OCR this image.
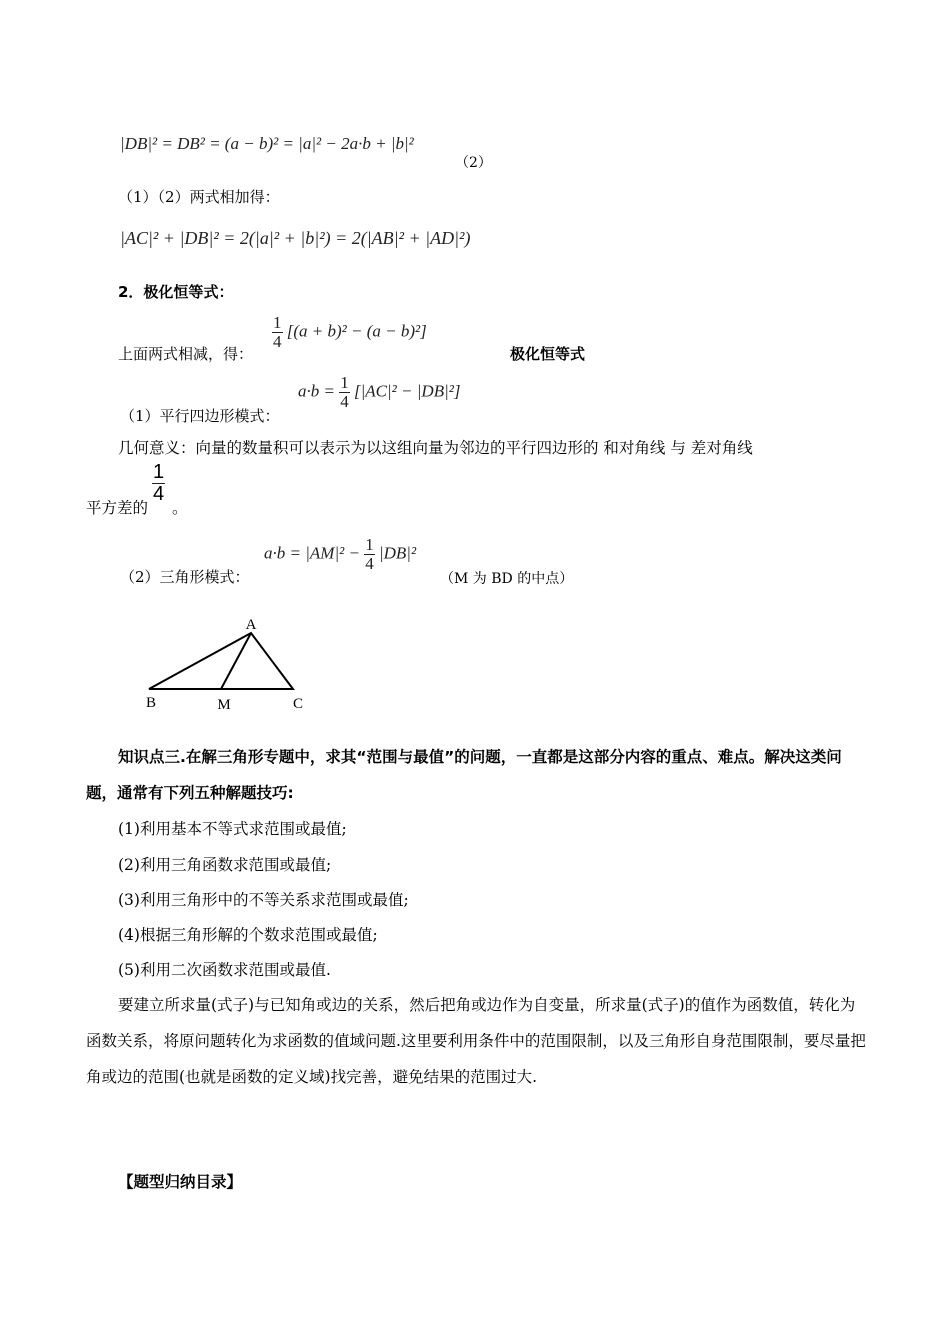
|DB|² = DB² = (a − b)² = |a|² − 2a·b + |b|²
（2）
（1）（2）两式相加得：
|AC|² + |DB|² = 2(|a|² + |b|²) = 2(|AB|² + |AD|²)
2．极化恒等式：
上面两式相减，得：
$\frac{1}{4} [(a + b)^2 - (a - b)^2]$
极化恒等式
$a\cdot b = \frac{1}{4} [|AC|^2 - |DB|^2]$
（1）平行四边形模式：
几何意义：向量的数量积可以表示为以这组向量为邻边的平行四边形的 和对角线 与 差对角线
平方差的
$\frac{1}{4}$
。
$a\cdot b = |AM|^2 - \frac{1}{4} |DB|^2$
（2）三角形模式：	（M 为 BD 的中点）
A
B	M	C
知识点三.在解三角形专题中，求其“范围与最值”的问题，一直都是这部分内容的重点、难点。解决这类问题，通常有下列五种解题技巧:
(1)利用基本不等式求范围或最值;
(2)利用三角函数求范围或最值;
(3)利用三角形中的不等关系求范围或最值;
(4)根据三角形解的个数求范围或最值;
(5)利用二次函数求范围或最值.
要建立所求量(式子)与已知角或边的关系，然后把角或边作为自变量，所求量(式子)的值作为函数值，转化为函数关系，将原问题转化为求函数的值域问题.这里要利用条件中的范围限制，以及三角形自身范围限制，要尽量把角或边的范围(也就是函数的定义域)找完善，避免结果的范围过大.
【题型归纳目录】
